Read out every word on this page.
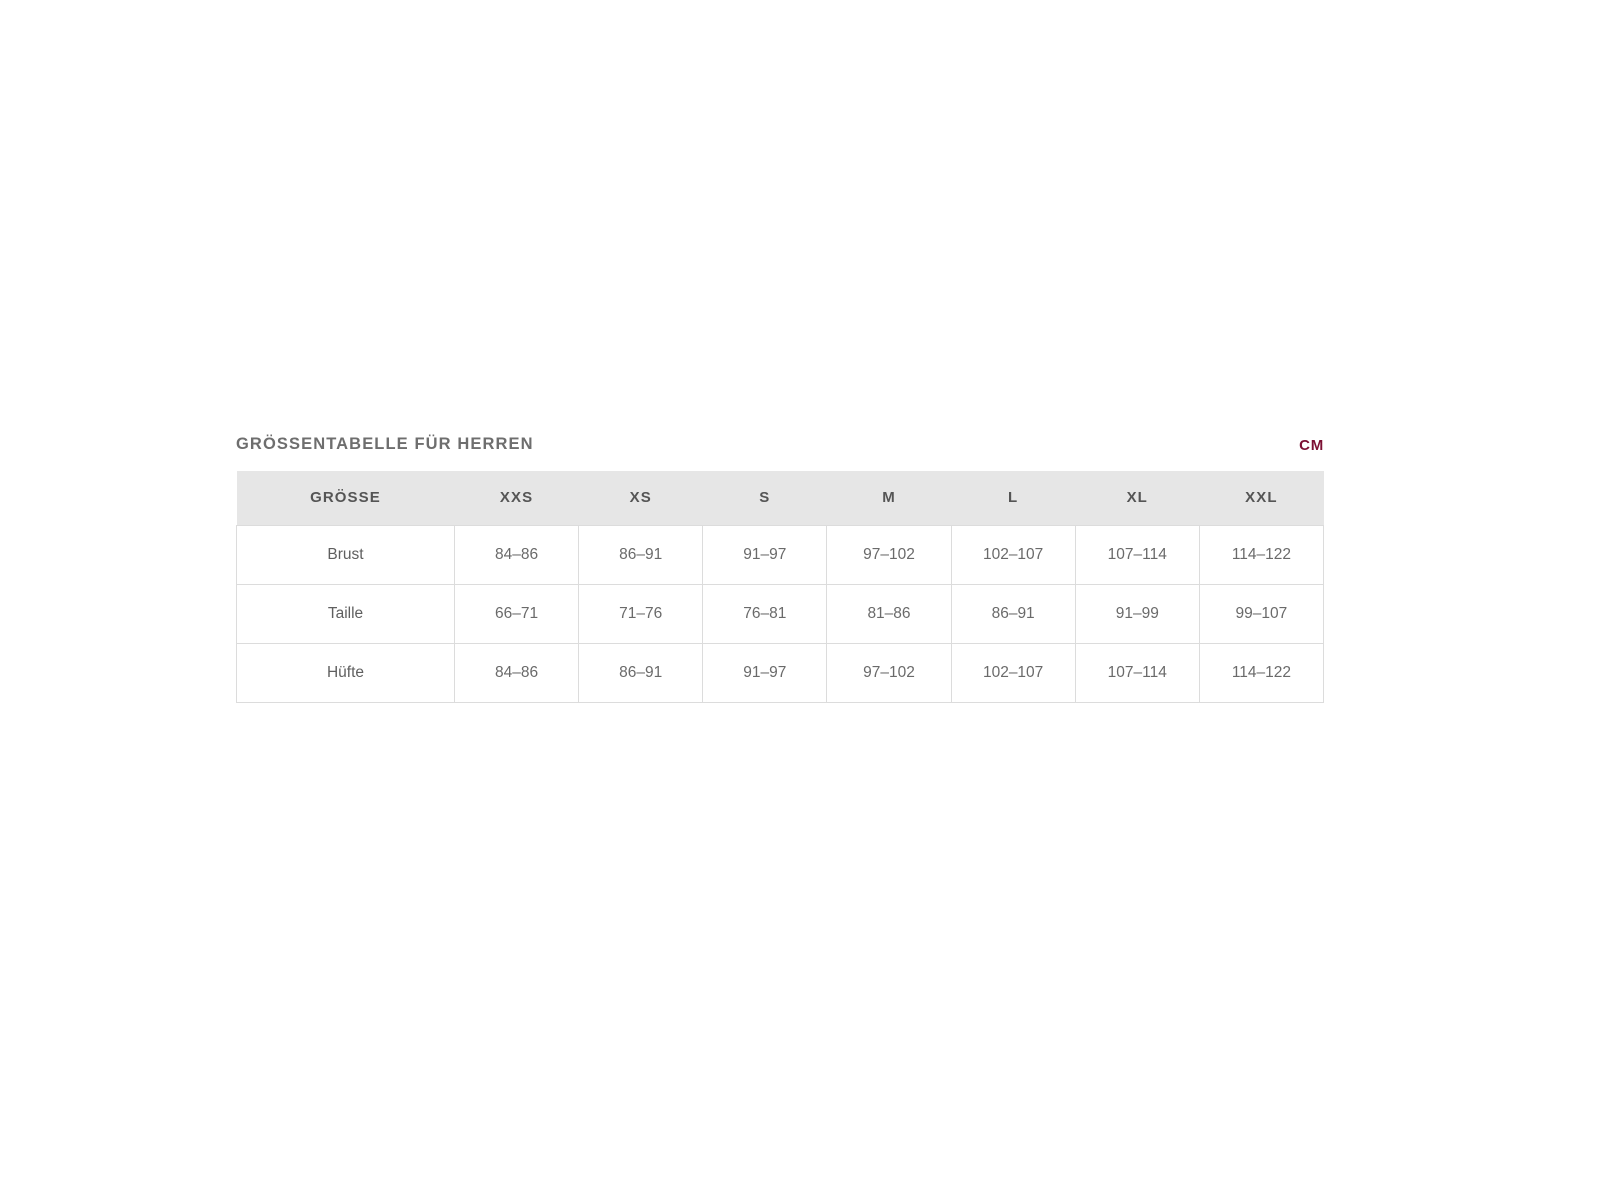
GRÖSSENTABELLE FÜR HERREN	CM
GRÖSSE	XXS	XS	S	M	L	XL	XXL
Brust	84–86	86–91	91–97	97–102	102–107	107–114	114–122
Taille	66–71	71–76	76–81	81–86	86–91	91–99	99–107
Hüfte	84–86	86–91	91–97	97–102	102–107	107–114	114–122
